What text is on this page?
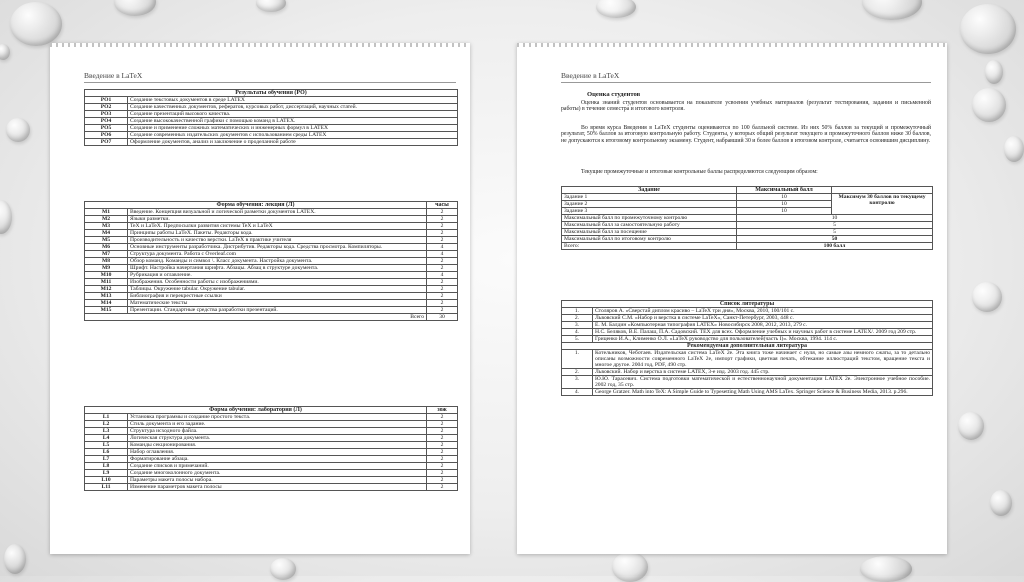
Введение в LaTeX
Результаты обучения (РО)	
РО1	Создание текстовых документов в среде LATEX
РО2	Создание качественных документов, рефератов, курсовых работ, диссертаций, научных статей.
РО3	Создание презентаций высокого качества.
РО4	Создание высококачественной графики с помощью команд в LATEX.
РО5	Создание и применение сложных математических и инженерных формул в LATEX
РО6	Создание современных издательских документов с использованием среды LATEX
РО7	Оформление документов, анализ и заключение о проделанной работе
Форма обучения: лекция (Л)		часы
М1	Введение. Концепция визуальной и логической разметки документов LATEX.	2
М2	Языки разметки.	2
М3	TeX и LaTeX. Предпосылки развития системы TeX и LaTeX	2
М4	Принципы работы LaTeX. Пакеты. Редакторы кода.	2
М5	Производительность и качество верстки. LaTeX в практике учителя	2
М6	Основные инструменты разработчика. Дистрибутив. Редакторы кода. Средства просмотра. Компиляторы.	4
М7	Структура документа. Работа с Overleaf.com	4
М8	Обзор команд. Команды и символ \. Класс документа. Настройка документа.	2
М9	Шрифт. Настройка начертания шрифта. Абзацы. Абзац в структуре документа.	2
М10	Рубрикация и оглавление.	4
М11	Изображения. Особенности работы с изображениями.	2
М12	Таблицы. Окружение tabular. Окружение tabular.	2
М13	Библиография и перекрестные ссылки	2
М14	Математические тексты	2
М15	Презентации. Стандартные средства разработки презентаций.	2
Всего		30
Форма обучения: лаборатория (Л)		зож
L1	Установка программы и создание простого текста.	2
L2	Стиль документа и его задание.	2
L3	Структура исходного файла.	2
L4	Логическая структура документа.	2
L5	Команды секционирования.	2
L6	Набор оглавления.	2
L7	Форматирование абзаца.	2
L8	Создание списков и примечаний.	2
L9	Создание многоколонного документа.	2
L10	Параметры макета полосы набора.	2
L11	Изменение параметров макета полосы	2
Введение в LaTeX
Оценка студентов

Оценка знаний студентов основывается на показателе усвоения учебных материалов (результат тестирования, задания и письменной работы) в течение семестра и итогового контроля.

Во время курса Введения в LaTeX студенты оцениваются по 100 балльной системе. Из них 50% баллов за текущий и промежуточный результат, 50% баллов за итоговую контрольную работу. Студенты, у которых общий результат текущего и промежуточного баллов ниже 30 баллов, не допускаются к итоговому контрольному экзамену. Студент, набравший 30 и более баллов в итоговом контроле, считается освоившим дисциплину.

Текущие промежуточные и итоговые контрольные баллы распределяются следующим образом:

Задание	Максимальный балл	
Задание 1	10	Максимум 30 баллов по текущему контролю
Задание 2	10	
Задание 3	10	
Максимальный балл по промежуточному контролю	10	
Максимальный балл за самостоятельную работу	5	
Максимальный балл за посещение	5	
Максимальный балл по итоговому контролю	50	
Всего:	100 балл	
Список литературы	
1.	Столяров А. «Сверстай диплом красиво – LaTeX три дня», Москва, 2010, 100/101 с.
2.	Львовский С.М. «Набор и верстка в системе LaTeX», Санкт-Петербург, 2003, 448 с.
3.	Е. М. Балдин «Компьютерная типография LATEX» Новосибирск 2008, 2012, 2013, 279 с.
4.	Н.С. Беляков, В.Е. Палаш, П.А. Садовский. TEX для всех. Оформление учебных и научных работ в системе LATEX/. 2009 год 209 стр.
5.	Гриценко И.А., Клименко О.Л. «LaTeX руководство для пользователей(часть I)». Москва, 1994. 114 с.
Рекомендуемая дополнительная литература	
1.	Котельников, Чеботаев. Издательская система LaTeX 2e. Эта книга тоже начинает с нуля, но самые азы немного сжаты, за то детально описаны возможности современного LaTeX 2e, импорт графики, цветная печать, обтекание иллюстраций текстом, вращение текста и многое другое. 2004 год, PDF, 490 стр.
2.	Львовский. Набор и верстка в системе LATEX, 3-е изд. 2003 год. 445 стр.
3.	Ю.Ю. Тарасевич. Система подготовки математической и естественнонаучной документации LATEX 2e. Электронное учебное пособие. 2002 год, 35 стр.
4.	George Gratzer. Math into TeX: A Simple Guide to Typesetting Math Using AMS LaTex. Springer Science & Business Media, 2013. p.296.
